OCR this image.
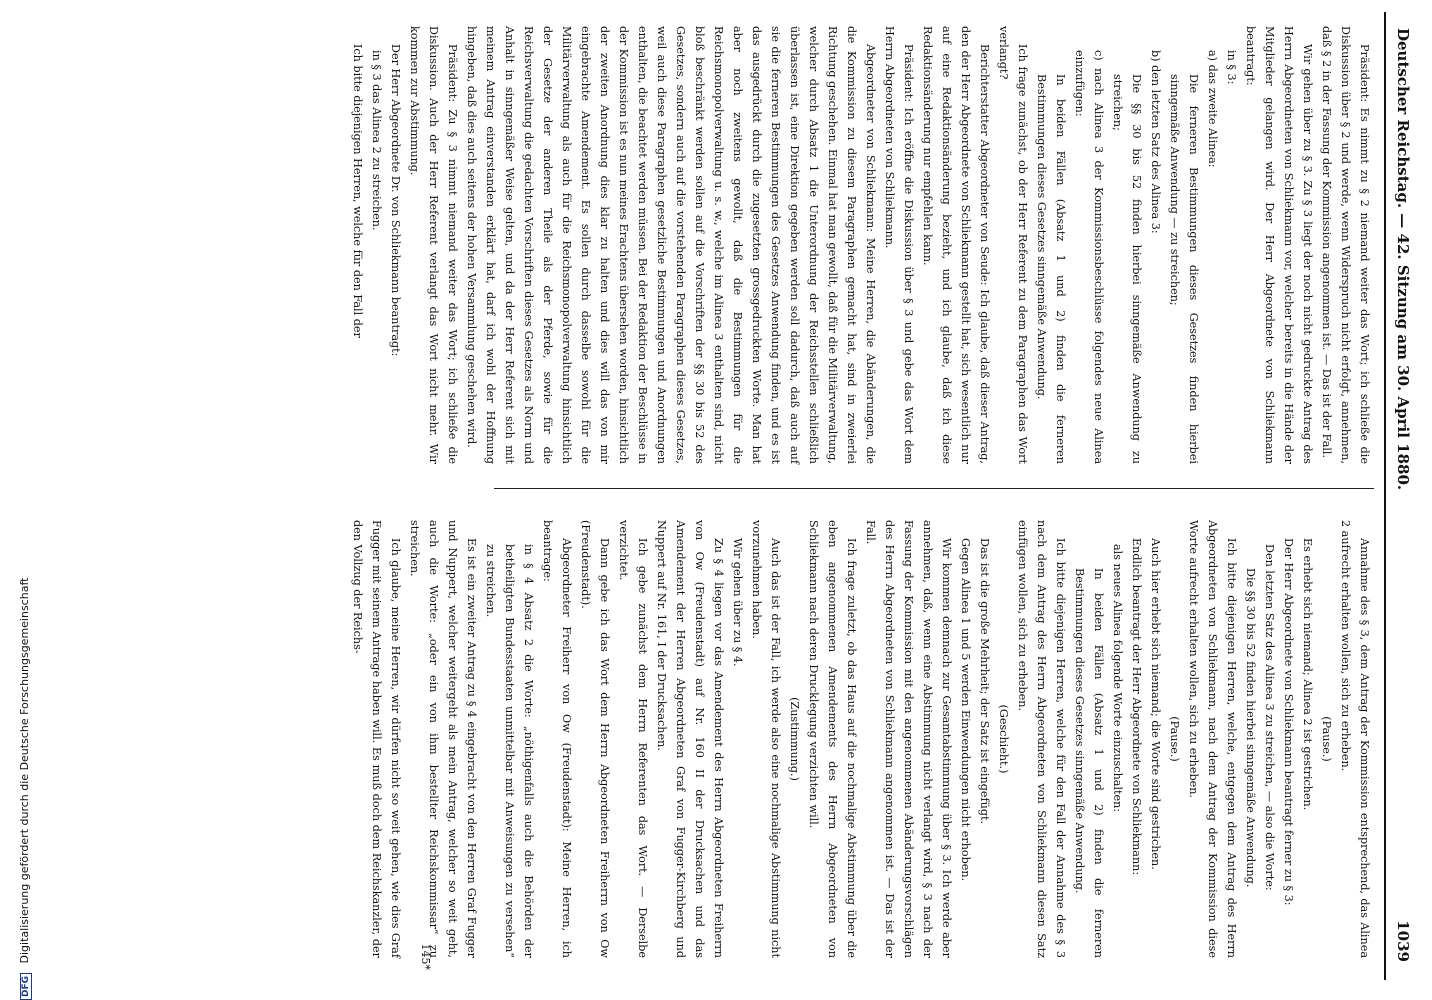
Deutscher Reichstag. — 42. Sitzung am 30. April 1880.
1039

Präsident: Es nimmt zu § 2 niemand weiter das Wort; ich schließe die Diskussion über § 2 und werde, wenn Widerspruch nicht erfolgt, annehmen, daß § 2 in der Fassung der Kommission angenommen ist. — Das ist der Fall.

Wir gehen über zu § 3. Zu § 3 liegt der noch nicht gedruckte Antrag des Herrn Abgeordneten von Schliekmann vor, welcher bereits in die Hände der Mitglieder gelangen wird. Der Herr Abgeordnete von Schliekmann beantragt:

in § 3:

a) das zweite Alinea:

Die ferneren Bestimmungen dieses Gesetzes finden hierbei sinngemäße Anwendung — zu streichen;

b) den letzten Satz des Alinea 3:

Die §§ 30 bis 52 finden hierbei sinngemäße Anwendung zu streichen;

c) nach Alinea 3 der Kommissionsbeschlüsse folgendes neue Alinea einzufügen:

In beiden Fällen (Absatz 1 und 2) finden die ferneren Bestimmungen dieses Gesetzes sinngemäße Anwendung.

Ich frage zunächst, ob der Herr Referent zu dem Paragraphen das Wort verlangt?

Berichterstatter Abgeordneter von Seude: Ich glaube, daß dieser Antrag, den der Herr Abgeordnete von Schliekmann gestellt hat, sich wesentlich nur auf eine Redaktionsänderung bezieht, und ich glaube, daß ich diese Redaktionsänderung nur empfehlen kann.

Präsident: Ich eröffne die Diskussion über § 3 und gebe das Wort dem Herrn Abgeordneten von Schliekmann.

Abgeordneter von Schliekmann: Meine Herren, die Abänderungen, die die Kommission zu diesem Paragraphen gemacht hat, sind in zweierlei Richtung geschehen. Einmal hat man gewollt, daß für die Militärverwaltung, welcher durch Absatz 1 die Unterordnung der Reichsstellen schließlich überlassen ist, eine Direktion gegeben werden soll dadurch, daß auch auf sie die ferneren Bestimmungen des Gesetzes Anwendung finden, und es ist das ausgedrückt durch die zugesetzten grossgedruckten Worte. Man hat aber noch zweitens gewollt, daß die Bestimmungen für die Reichsmonopolverwaltung u. s. w., welche im Alinea 3 enthalten sind, nicht bloß beschränkt werden sollen auf die Vorschriften der §§ 30 bis 52 des Gesetzes, sondern auch auf die vorstehenden Paragraphen dieses Gesetzes, weil auch diese Paragraphen gesetzliche Bestimmungen und Anordnungen enthalten, die beachtet werden müssen. Bei der Redaktion der Beschlüsse in der Kommission ist es nun meines Erachtens übersehen worden, hinsichtlich der zweiten Anordnung dies klar zu halten und dies will das von mir eingebrachte Amendement. Es sollen durch dasselbe sowohl für die Militärverwaltung als auch für die Reichsmonopolverwaltung hinsichtlich der Gesetze der anderen Theile als der Pferde, sowie für die Reichsverwaltung die gedachten Vorschriften dieses Gesetzes als Norm und Anhalt in sinngemäßer Weise gelten, und da der Herr Referent sich mit meinem Antrag einverstanden erklärt hat, darf ich wohl der Hoffnung hingeben, daß dies auch seitens der hohen Versammlung geschehen wird.

Präsident: Zu § 3 nimmt niemand weiter das Wort; ich schließe die Diskussion. Auch der Herr Referent verlangt das Wort nicht mehr. Wir kommen zur Abstimmung.

Der Herr Abgeordnete Dr. von Schliekmann beantragt:

in § 3 das Alinea 2 zu streichen.

Ich bitte diejenigen Herren, welche für den Fall der

Annahme des § 3, dem Antrag der Kommission entsprechend, das Alinea 2 aufrecht erhalten wollen, sich zu erheben.

(Pause.)

Es erhebt sich niemand; Alinea 2 ist gestrichen.

Der Herr Abgeordnete von Schliekmann beantragt ferner zu § 3:

Den letzten Satz des Alinea 3 zu streichen, — also die Worte:

Die §§ 30 bis 52 finden hierbei sinngemäße Anwendung.

Ich bitte diejenigen Herren, welche, entgegen dem Antrag des Herrn Abgeordneten von Schliekmann, nach dem Antrag der Kommission diese Worte aufrecht erhalten wollen, sich zu erheben.

(Pause.)

Auch hier erhebt sich niemand; die Worte sind gestrichen.

Endlich beantragt der Herr Abgeordnete von Schliekmann:

als neues Alinea folgende Worte einzuschalten:

In beiden Fällen (Absatz 1 und 2) finden die ferneren Bestimmungen dieses Gesetzes sinngemäße Anwendung.

Ich bitte diejenigen Herren, welche für den Fall der Annahme des § 3 nach dem Antrag des Herrn Abgeordneten von Schliekmann diesen Satz einfügen wollen, sich zu erheben.

(Geschieht.)

Das ist die große Mehrheit; der Satz ist eingefügt.

Gegen Alinea 1 und 5 werden Einwendungen nicht erhoben.

Wir kommen demnach zur Gesamtabstimmung über § 3. Ich werde aber annehmen, daß, wenn eine Abstimmung nicht verlangt wird, § 3 nach der Fassung der Kommission mit den angenommenen Abänderungsvorschlägen des Herrn Abgeordneten von Schliekmann angenommen ist. — Das ist der Fall.

Ich frage zuletzt, ob das Haus auf die nochmalige Abstimmung über die eben angenommenen Amendements des Herrn Abgeordneten von Schliekmann nach deren Drucklegung verzichten will.

(Zustimmung.)

Auch das ist der Fall, ich werde also eine nochmalige Abstimmung nicht vorzunehmen haben.

Wir gehen über zu § 4.

Zu § 4 liegen vor das Amendement des Herrn Abgeordneten Freiherrn von Ow (Freudenstadt) auf Nr. 160 II der Drucksachen und das Amendement der Herren Abgeordneten Graf von Fugger-Kirchberg und Nuppert auf Nr. 161, I der Drucksachen.

Ich gebe zunächst dem Herrn Referenten das Wort. — Derselbe verzichtet.

Dann gebe ich das Wort dem Herrn Abgeordneten Freiherrn von Ow (Freudenstadt).

Abgeordneter Freiherr von Ow (Freudenstadt): Meine Herren, ich beantrage:

in § 4 Absatz 2 die Worte: „nöthigenfalls auch die Behörden der betheiligten Bundesstaaten unmittelbar mit Anweisungen zu versehen“ zu streichen.

Es ist ein zweiter Antrag zu § 4 eingebracht von den Herren Graf Fugger und Nuppert, welcher weitergeht als mein Antrag, welcher so weit geht, auch die Worte: „oder ein von ihm bestellter Reichskommissar“ zu streichen.

Ich glaube, meine Herren, wir dürfen nicht so weit gehen, wie dies Graf Fugger mit seinem Antrage haben will. Es muß doch dem Reichskanzler, der den Vollzug der Reichs-

145*
DFG Digitalisierung gefördert durch die Deutsche Forschungsgemeinschaft
